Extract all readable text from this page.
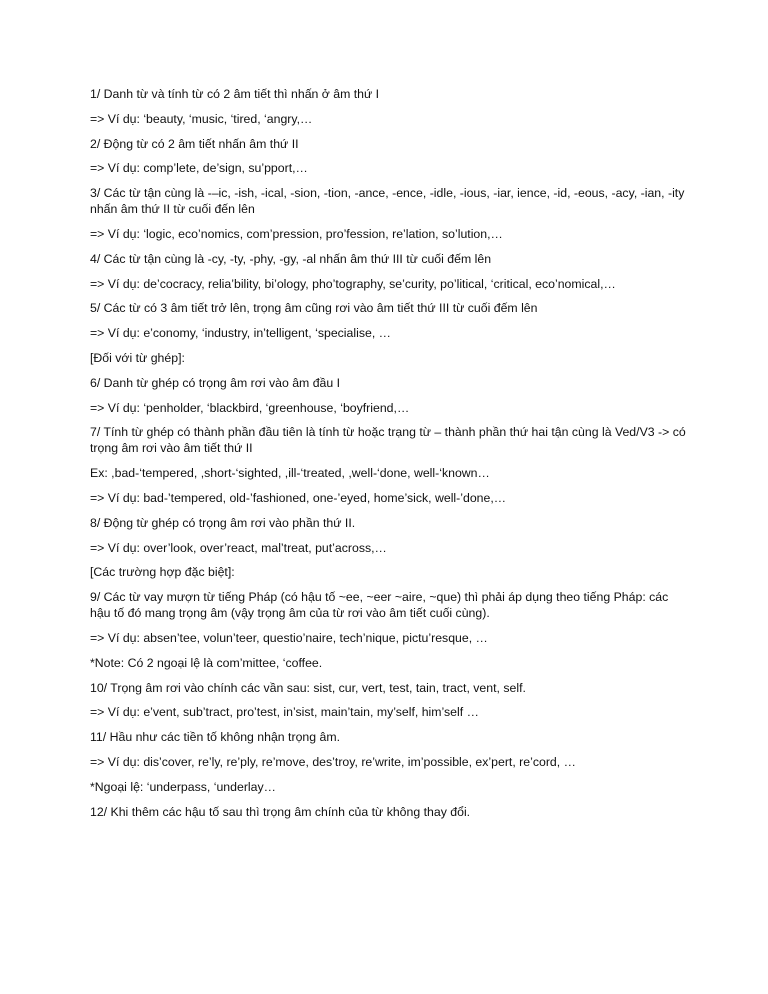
1/ Danh từ và tính từ có 2 âm tiết thì nhấn ở âm thứ I

=> Ví dụ: ‘beauty, ‘music, ‘tired, ‘angry,…

2/ Động từ có 2 âm tiết nhấn âm thứ II

=> Ví dụ: comp’lete, de’sign, su’pport,…

3/ Các từ tận cùng là -–ic, -ish, -ical, -sion, -tion, -ance, -ence, -idle, -ious, -iar, ience, -id, -eous, -acy, -ian, -ity nhấn âm thứ II từ cuối đến lên

=> Ví dụ: ‘logic, eco’nomics, com’pression, pro’fession, re’lation, so’lution,…

4/ Các từ tận cùng là -cy, -ty, -phy, -gy, -al nhấn âm thứ III từ cuối đếm lên

=> Ví dụ: de’cocracy, relia’bility, bi’ology, pho’tography, se’curity, po’litical, ‘critical, eco’nomical,…

5/ Các từ có 3 âm tiết trở lên, trọng âm cũng rơi vào âm tiết thứ III từ cuối đếm lên

=> Ví dụ: e’conomy, ‘industry, in’telligent, ‘specialise, …

[Đối với từ ghép]:

6/ Danh từ ghép có trọng âm rơi vào âm đầu I

=> Ví dụ: ‘penholder, ‘blackbird, ‘greenhouse, ‘boyfriend,…

7/ Tính từ ghép có thành phần đầu tiên là tính từ hoặc trạng từ – thành phần thứ hai tận cùng là Ved/V3 -> có trọng âm rơi vào âm tiết thứ II

Ex: ,bad-‘tempered, ,short-‘sighted, ,ill-‘treated, ,well-‘done, well-‘known…

=> Ví dụ: bad-’tempered, old-’fashioned, one-’eyed, home’sick, well-’done,…

8/ Động từ ghép có trọng âm rơi vào phần thứ II.

=> Ví dụ: over’look, over’react, mal’treat, put’across,…

[Các trường hợp đặc biệt]:

9/ Các từ vay mượn từ tiếng Pháp (có hậu tố ~ee, ~eer ~aire, ~que) thì phải áp dụng theo tiếng Pháp: các hậu tố đó mang trọng âm (vậy trọng âm của từ rơi vào âm tiết cuối cùng).

=> Ví dụ: absen’tee, volun’teer, questio’naire, tech’nique, pictu’resque, …

*Note: Có 2 ngoại lệ là com’mittee, ‘coffee.

10/ Trọng âm rơi vào chính các vần sau: sist, cur, vert, test, tain, tract, vent, self.

=> Ví dụ: e’vent, sub’tract, pro’test, in’sist, main’tain, my’self, him’self …

11/ Hầu như các tiền tố không nhận trọng âm.

=> Ví dụ: dis’cover, re’ly, re’ply, re’move, des’troy, re’write, im’possible, ex’pert, re’cord, …

*Ngoại lệ: ‘underpass, ‘underlay…

12/ Khi thêm các hậu tố sau thì trọng âm chính của từ không thay đổi.
